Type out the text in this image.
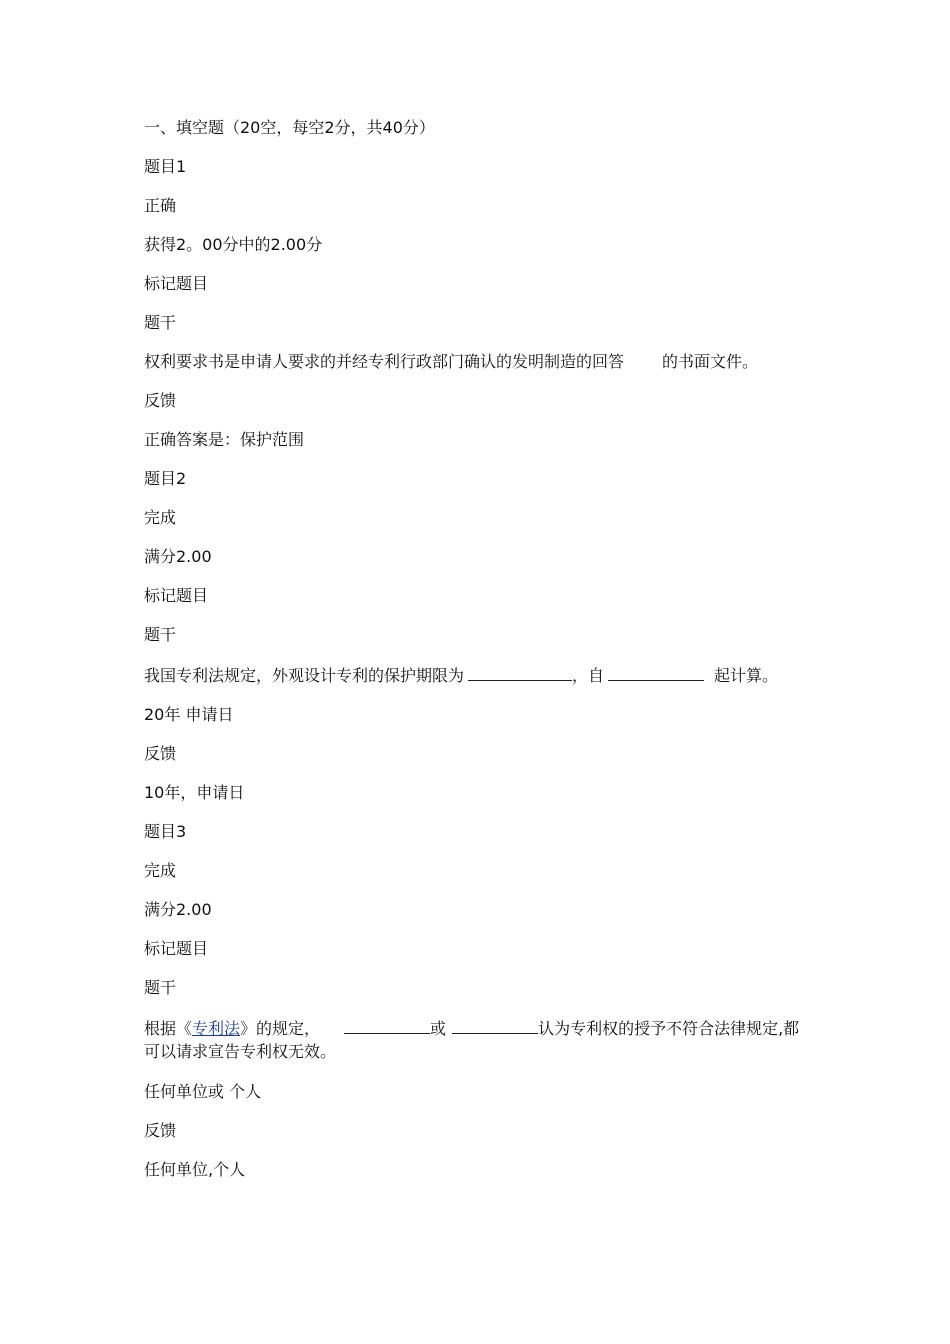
一、填空题（20空，每空2分，共40分）
题目1
正确
获得2。00分中的2.00分
标记题目
题干
权利要求书是申请人要求的并经专利行政部门确认的发明制造的回答 的书面文件。
反馈
正确答案是：保护范围
题目2
完成
满分2.00
标记题目
题干
我国专利法规定，外观设计专利的保护期限为	，自	起计算。
20年 申请日
反馈
10年，申请日
题目3
完成
满分2.00
标记题目
题干
根据《专利法》的规定，	或	认为专利权的授予不符合法律规定,都可以请求宣告专利权无效。
任何单位或 个人
反馈
任何单位,个人
